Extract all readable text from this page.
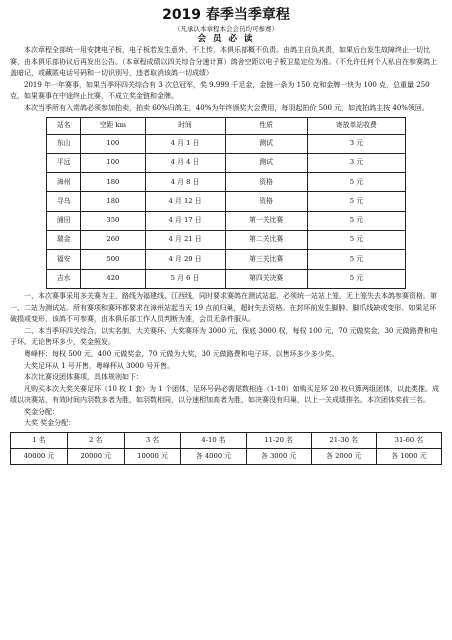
2019 春季当季章程
（凡承认本章程本会会员均可参赛）
会 员 必 读
本次章程全部统一用安捷电子板，电子板若发生意外，不上传，本俱乐部概不负责。由鸽主自负其责，如果后台发生故障终止一切比赛，由本俱乐部协议后再发出公告。（本章程成绩以四关综合分速计算）鸽舍空距以电子板卫星定位为准。（不允许任何个人私自在参赛鸽上盖暗记，或藏匿电话号码和一切识别号，违者取消该鸽一切成绩）
2019 年一年赛事，如果当季环四关综合有 3 次总冠军，奖 9.999 千足金，金链一条为 150 克和金牌一块为 100 克，总重量 250 克，如果赛事在中途终止比赛，不成立奖金链和金牌。
本次当季所有入赏鸽必须参加拍卖，拍卖 60%归鸽主，40%为年终颁奖大会费用，每羽起拍价 500 元，如流拍鸽主按 40%领回。
站名	空距 km	时间	性质	寄放单站收费
东山	100	4 月 1 日	测试	3 元
平远	100	4 月 4 日	测试	3 元
漳州	180	4 月 8 日	资格	5 元
寻乌	180	4 月 12 日	资格	5 元
浦田	350	4 月 17 日	第一关比赛	5 元
瑞金	260	4 月 21 日	第二关比赛	5 元
福安	500	4 月 29 日	第三关比赛	5 元
吉水	420	5 月 6 日	第四关决赛	5 元
一、本次赛事采用多关赛为主，路线为福建线、江西线，同时要求赛鸽在测试站起、必须统一站站上笼，无上笼失去本鸽参赛资格。第一、二站为测试站。所有赛项和赛环都要求在漳州站起当天 19 点前归巢，超时失去资格。在封环前发生脚肿、脚爪线缺或变形。如果足环破损或变形，该鸽不可参赛，由本俱乐部工作人员判断为准，会员无条件服从。
二、本当季环四关综合，以实名制，大关赛环、大奖赛环为 3000 元，保底 3000 权，每权 100 元，70 元做奖金，30 元做路费和电子环。无论售环多少，奖金照发。
粤峰杯：每权 500 元，400 元做奖金，70 元做为大奖，30 元做路费和电子环。以售环多少多少奖。
大奖足环从 1 号开售，粤峰杯从 3000 号开售。
本次比赛设团体赛项，具体规则如下：
凡购买本次大奖关赛足环（10 枚 1 套）为 1 个团体，足环号码必需尾数相连（1-10）如购买足环 20 枚只算两组团体，以此类推。成绩以决赛站，有效时间内羽数多者为胜，如羽数相同，以分速相加高者为胜，如决赛没有归巢，以上一关成绩排名。本次团体奖前三名。
奖金分配：
大奖 奖金分配：
1 名	2 名	3 名	4-10 名	11-20 名	21-30 名	31-60 名
40000 元	20000 元	10000 元	各 4000 元	各 3000 元	各 2000 元	各 1000 元
